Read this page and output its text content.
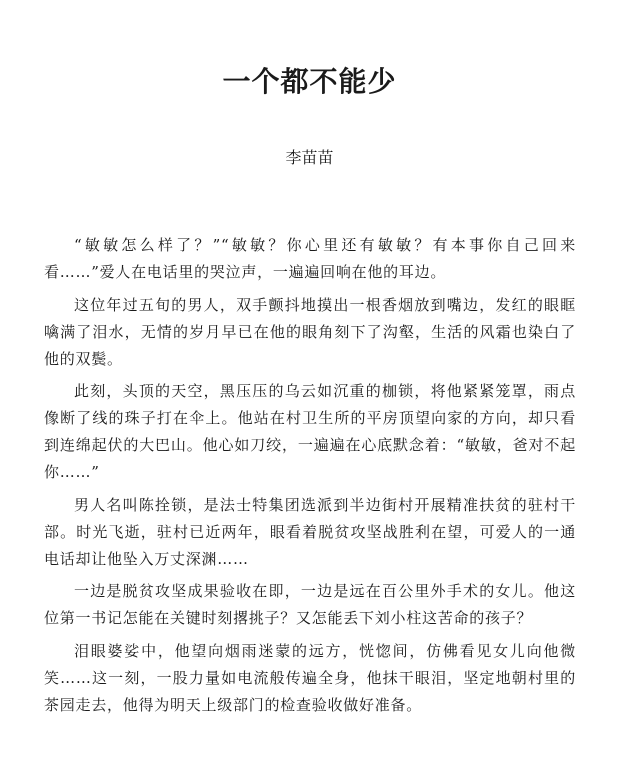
一个都不能少
李苗苗

“敏敏怎么样了？”“敏敏？你心里还有敏敏？有本事你自己回来看……”爱人在电话里的哭泣声，一遍遍回响在他的耳边。

这位年过五旬的男人，双手颤抖地摸出一根香烟放到嘴边，发红的眼眶噙满了泪水，无情的岁月早已在他的眼角刻下了沟壑，生活的风霜也染白了他的双鬓。

此刻，头顶的天空，黑压压的乌云如沉重的枷锁，将他紧紧笼罩，雨点像断了线的珠子打在伞上。他站在村卫生所的平房顶望向家的方向，却只看到连绵起伏的大巴山。他心如刀绞，一遍遍在心底默念着：“敏敏，爸对不起你……”

男人名叫陈拴锁，是法士特集团选派到半边街村开展精准扶贫的驻村干部。时光飞逝，驻村已近两年，眼看着脱贫攻坚战胜利在望，可爱人的一通电话却让他坠入万丈深渊……

一边是脱贫攻坚成果验收在即，一边是远在百公里外手术的女儿。他这位第一书记怎能在关键时刻撂挑子？又怎能丢下刘小柱这苦命的孩子？

泪眼婆娑中，他望向烟雨迷蒙的远方，恍惚间，仿佛看见女儿向他微笑……这一刻，一股力量如电流般传遍全身，他抹干眼泪，坚定地朝村里的茶园走去，他得为明天上级部门的检查验收做好准备。
